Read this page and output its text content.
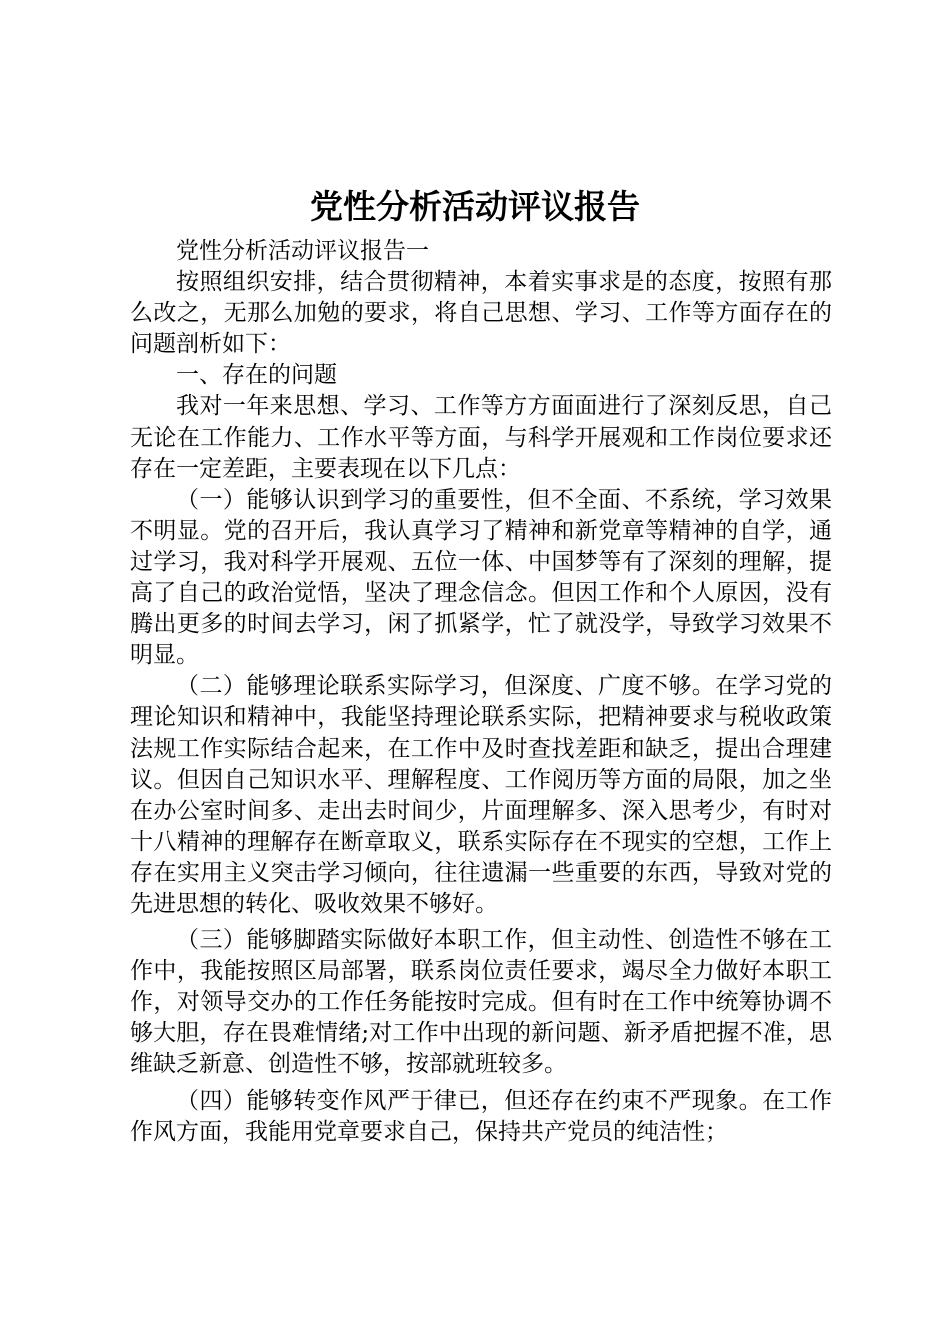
党性分析活动评议报告

党性分析活动评议报告一

按照组织安排，结合贯彻精神，本着实事求是的态度，按照有那么改之，无那么加勉的要求，将自己思想、学习、工作等方面存在的问题剖析如下：

一、存在的问题

我对一年来思想、学习、工作等方方面面进行了深刻反思，自己无论在工作能力、工作水平等方面，与科学开展观和工作岗位要求还存在一定差距，主要表现在以下几点：

（一）能够认识到学习的重要性，但不全面、不系统，学习效果不明显。党的召开后，我认真学习了精神和新党章等精神的自学，通过学习，我对科学开展观、五位一体、中国梦等有了深刻的理解，提高了自己的政治觉悟，坚决了理念信念。但因工作和个人原因，没有腾出更多的时间去学习，闲了抓紧学，忙了就没学，导致学习效果不明显。

（二）能够理论联系实际学习，但深度、广度不够。在学习党的理论知识和精神中，我能坚持理论联系实际，把精神要求与税收政策法规工作实际结合起来，在工作中及时查找差距和缺乏，提出合理建议。但因自己知识水平、理解程度、工作阅历等方面的局限，加之坐在办公室时间多、走出去时间少，片面理解多、深入思考少，有时对十八精神的理解存在断章取义，联系实际存在不现实的空想，工作上存在实用主义突击学习倾向，往往遗漏一些重要的东西，导致对党的先进思想的转化、吸收效果不够好。

（三）能够脚踏实际做好本职工作，但主动性、创造性不够在工作中，我能按照区局部署，联系岗位责任要求，竭尽全力做好本职工作，对领导交办的工作任务能按时完成。但有时在工作中统筹协调不够大胆，存在畏难情绪;对工作中出现的新问题、新矛盾把握不准，思维缺乏新意、创造性不够，按部就班较多。

（四）能够转变作风严于律已，但还存在约束不严现象。在工作作风方面，我能用党章要求自己，保持共产党员的纯洁性；
